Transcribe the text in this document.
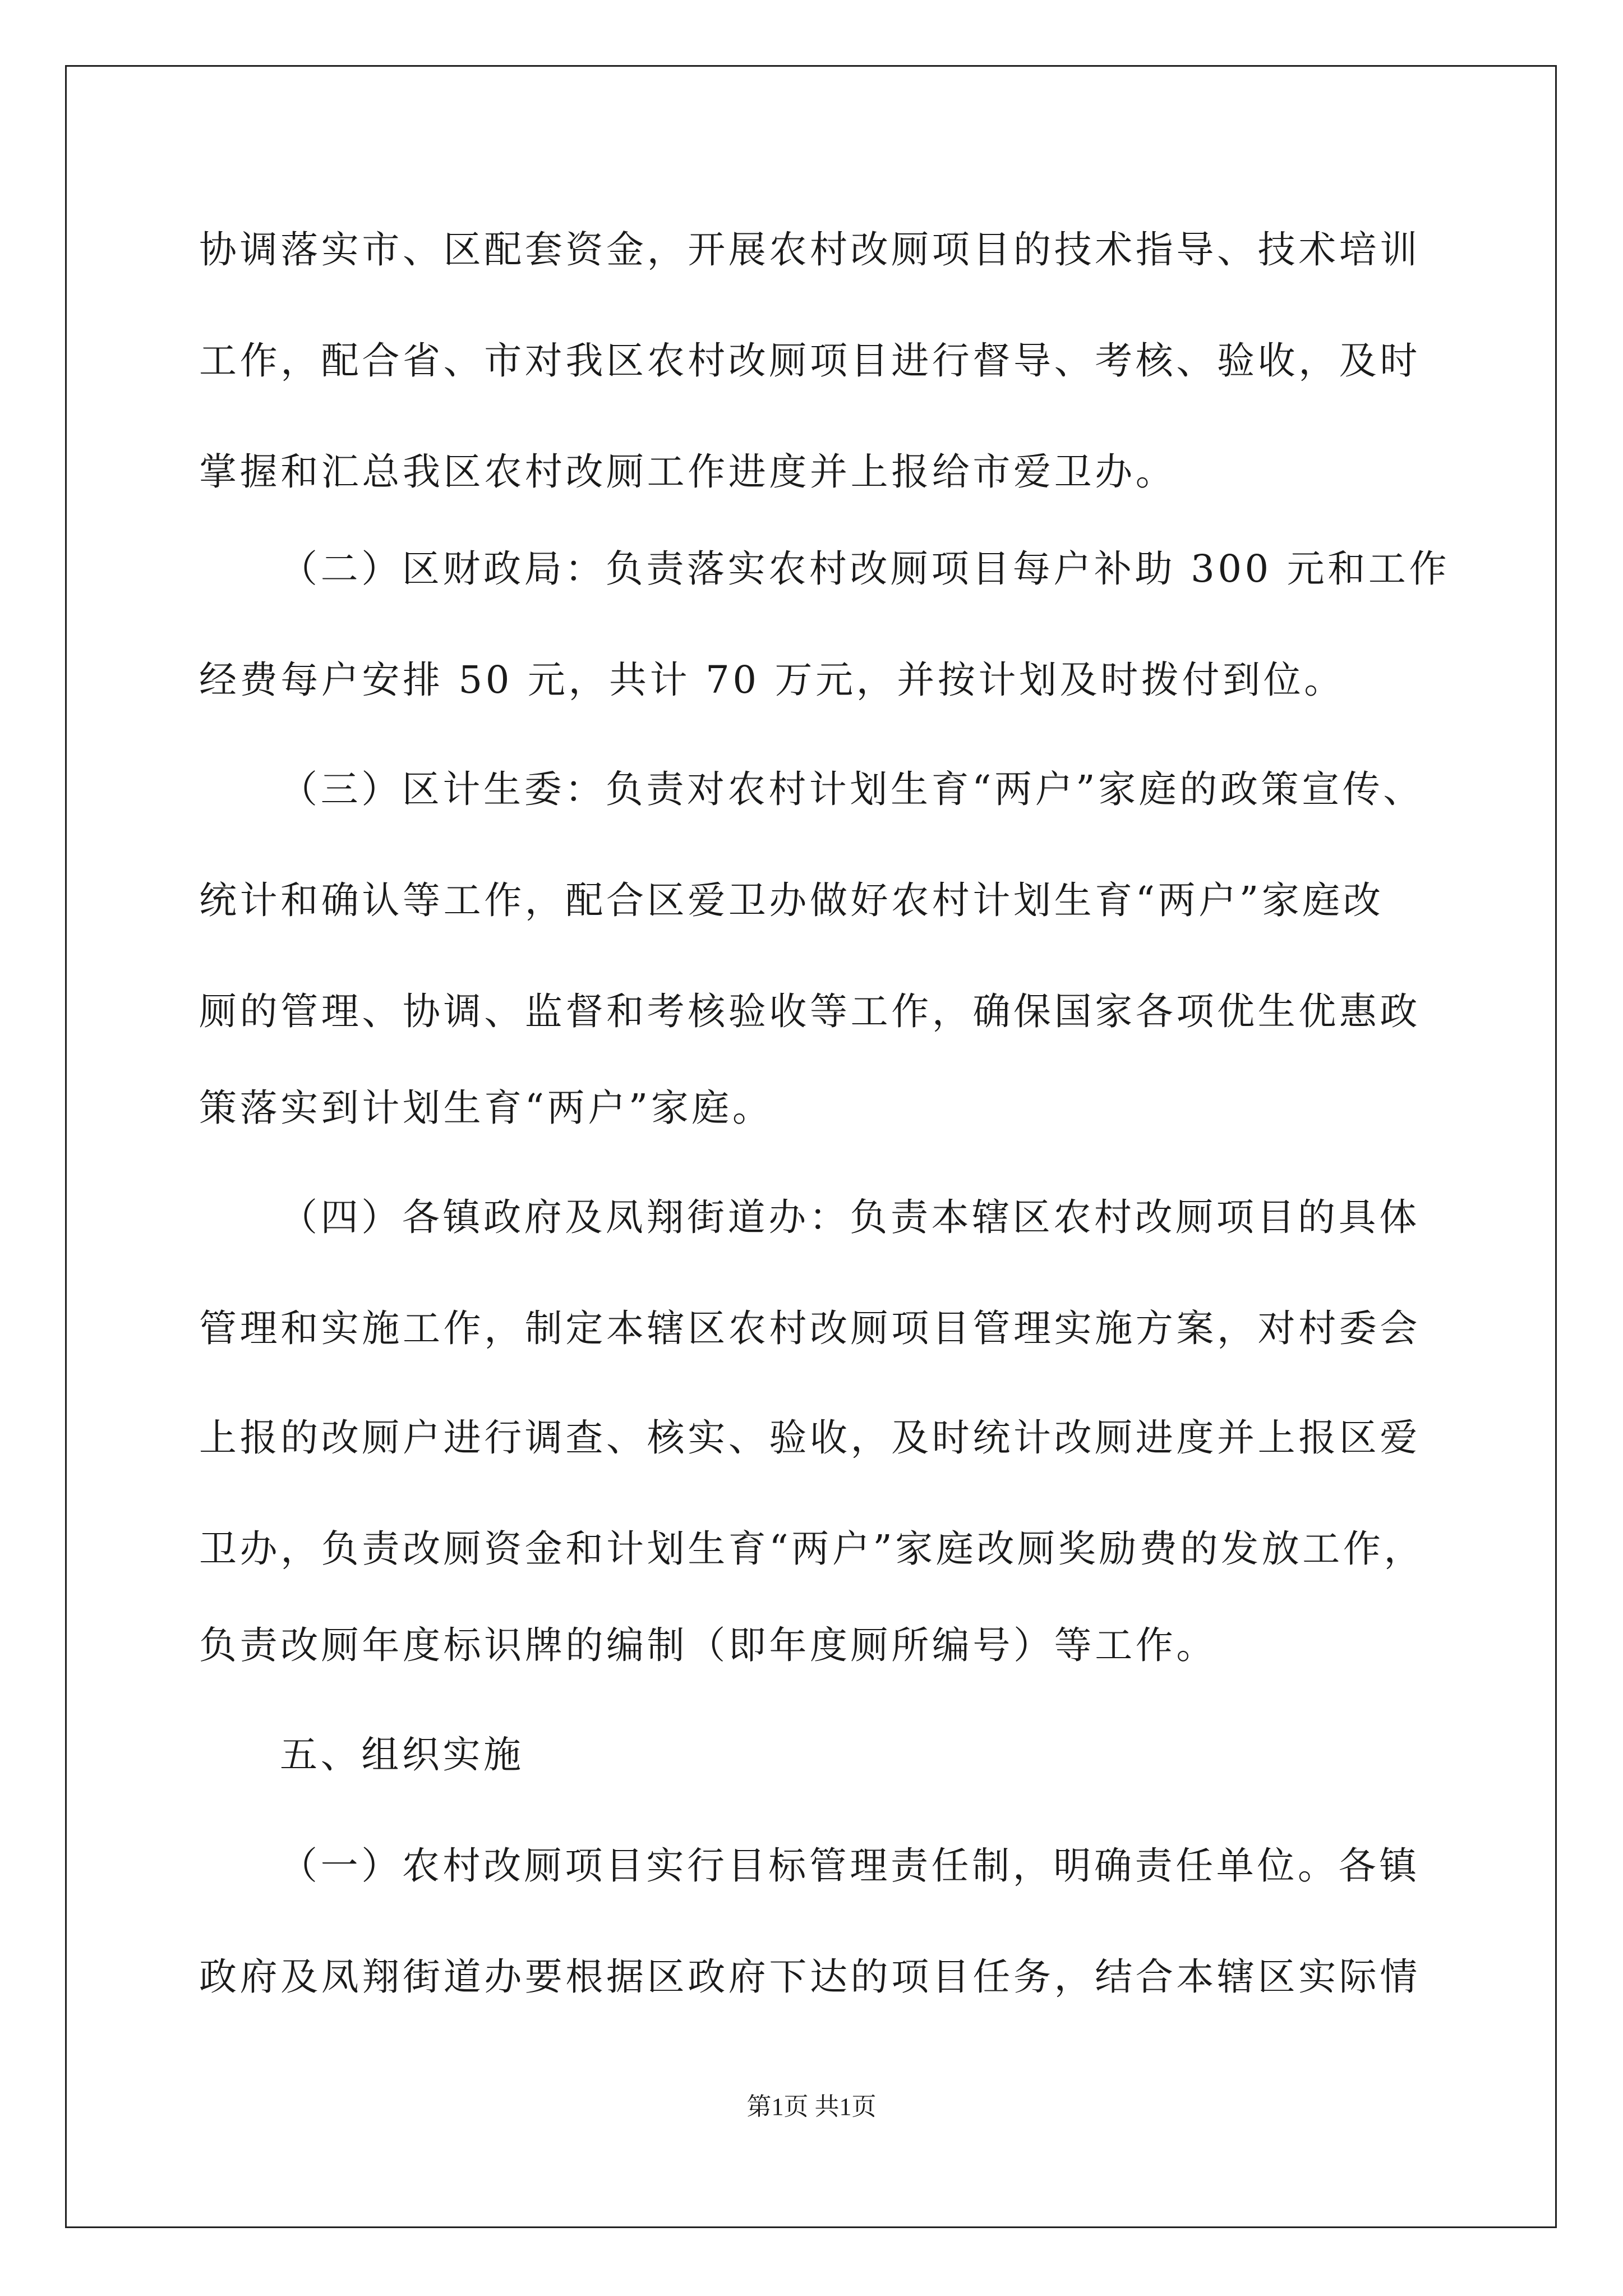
协调落实市、区配套资金，开展农村改厕项目的技术指导、技术培训
工作，配合省、市对我区农村改厕项目进行督导、考核、验收，及时
掌握和汇总我区农村改厕工作进度并上报给市爱卫办。
（二）区财政局：负责落实农村改厕项目每户补助 300 元和工作
经费每户安排 50 元，共计 70 万元，并按计划及时拨付到位。
（三）区计生委：负责对农村计划生育“两户”家庭的政策宣传、
统计和确认等工作，配合区爱卫办做好农村计划生育“两户”家庭改
厕的管理、协调、监督和考核验收等工作，确保国家各项优生优惠政
策落实到计划生育“两户”家庭。
（四）各镇政府及凤翔街道办：负责本辖区农村改厕项目的具体
管理和实施工作，制定本辖区农村改厕项目管理实施方案，对村委会
上报的改厕户进行调查、核实、验收，及时统计改厕进度并上报区爱
卫办，负责改厕资金和计划生育“两户”家庭改厕奖励费的发放工作，
负责改厕年度标识牌的编制（即年度厕所编号）等工作。
五、组织实施
（一）农村改厕项目实行目标管理责任制，明确责任单位。各镇
政府及凤翔街道办要根据区政府下达的项目任务，结合本辖区实际情
第1页 共1页
